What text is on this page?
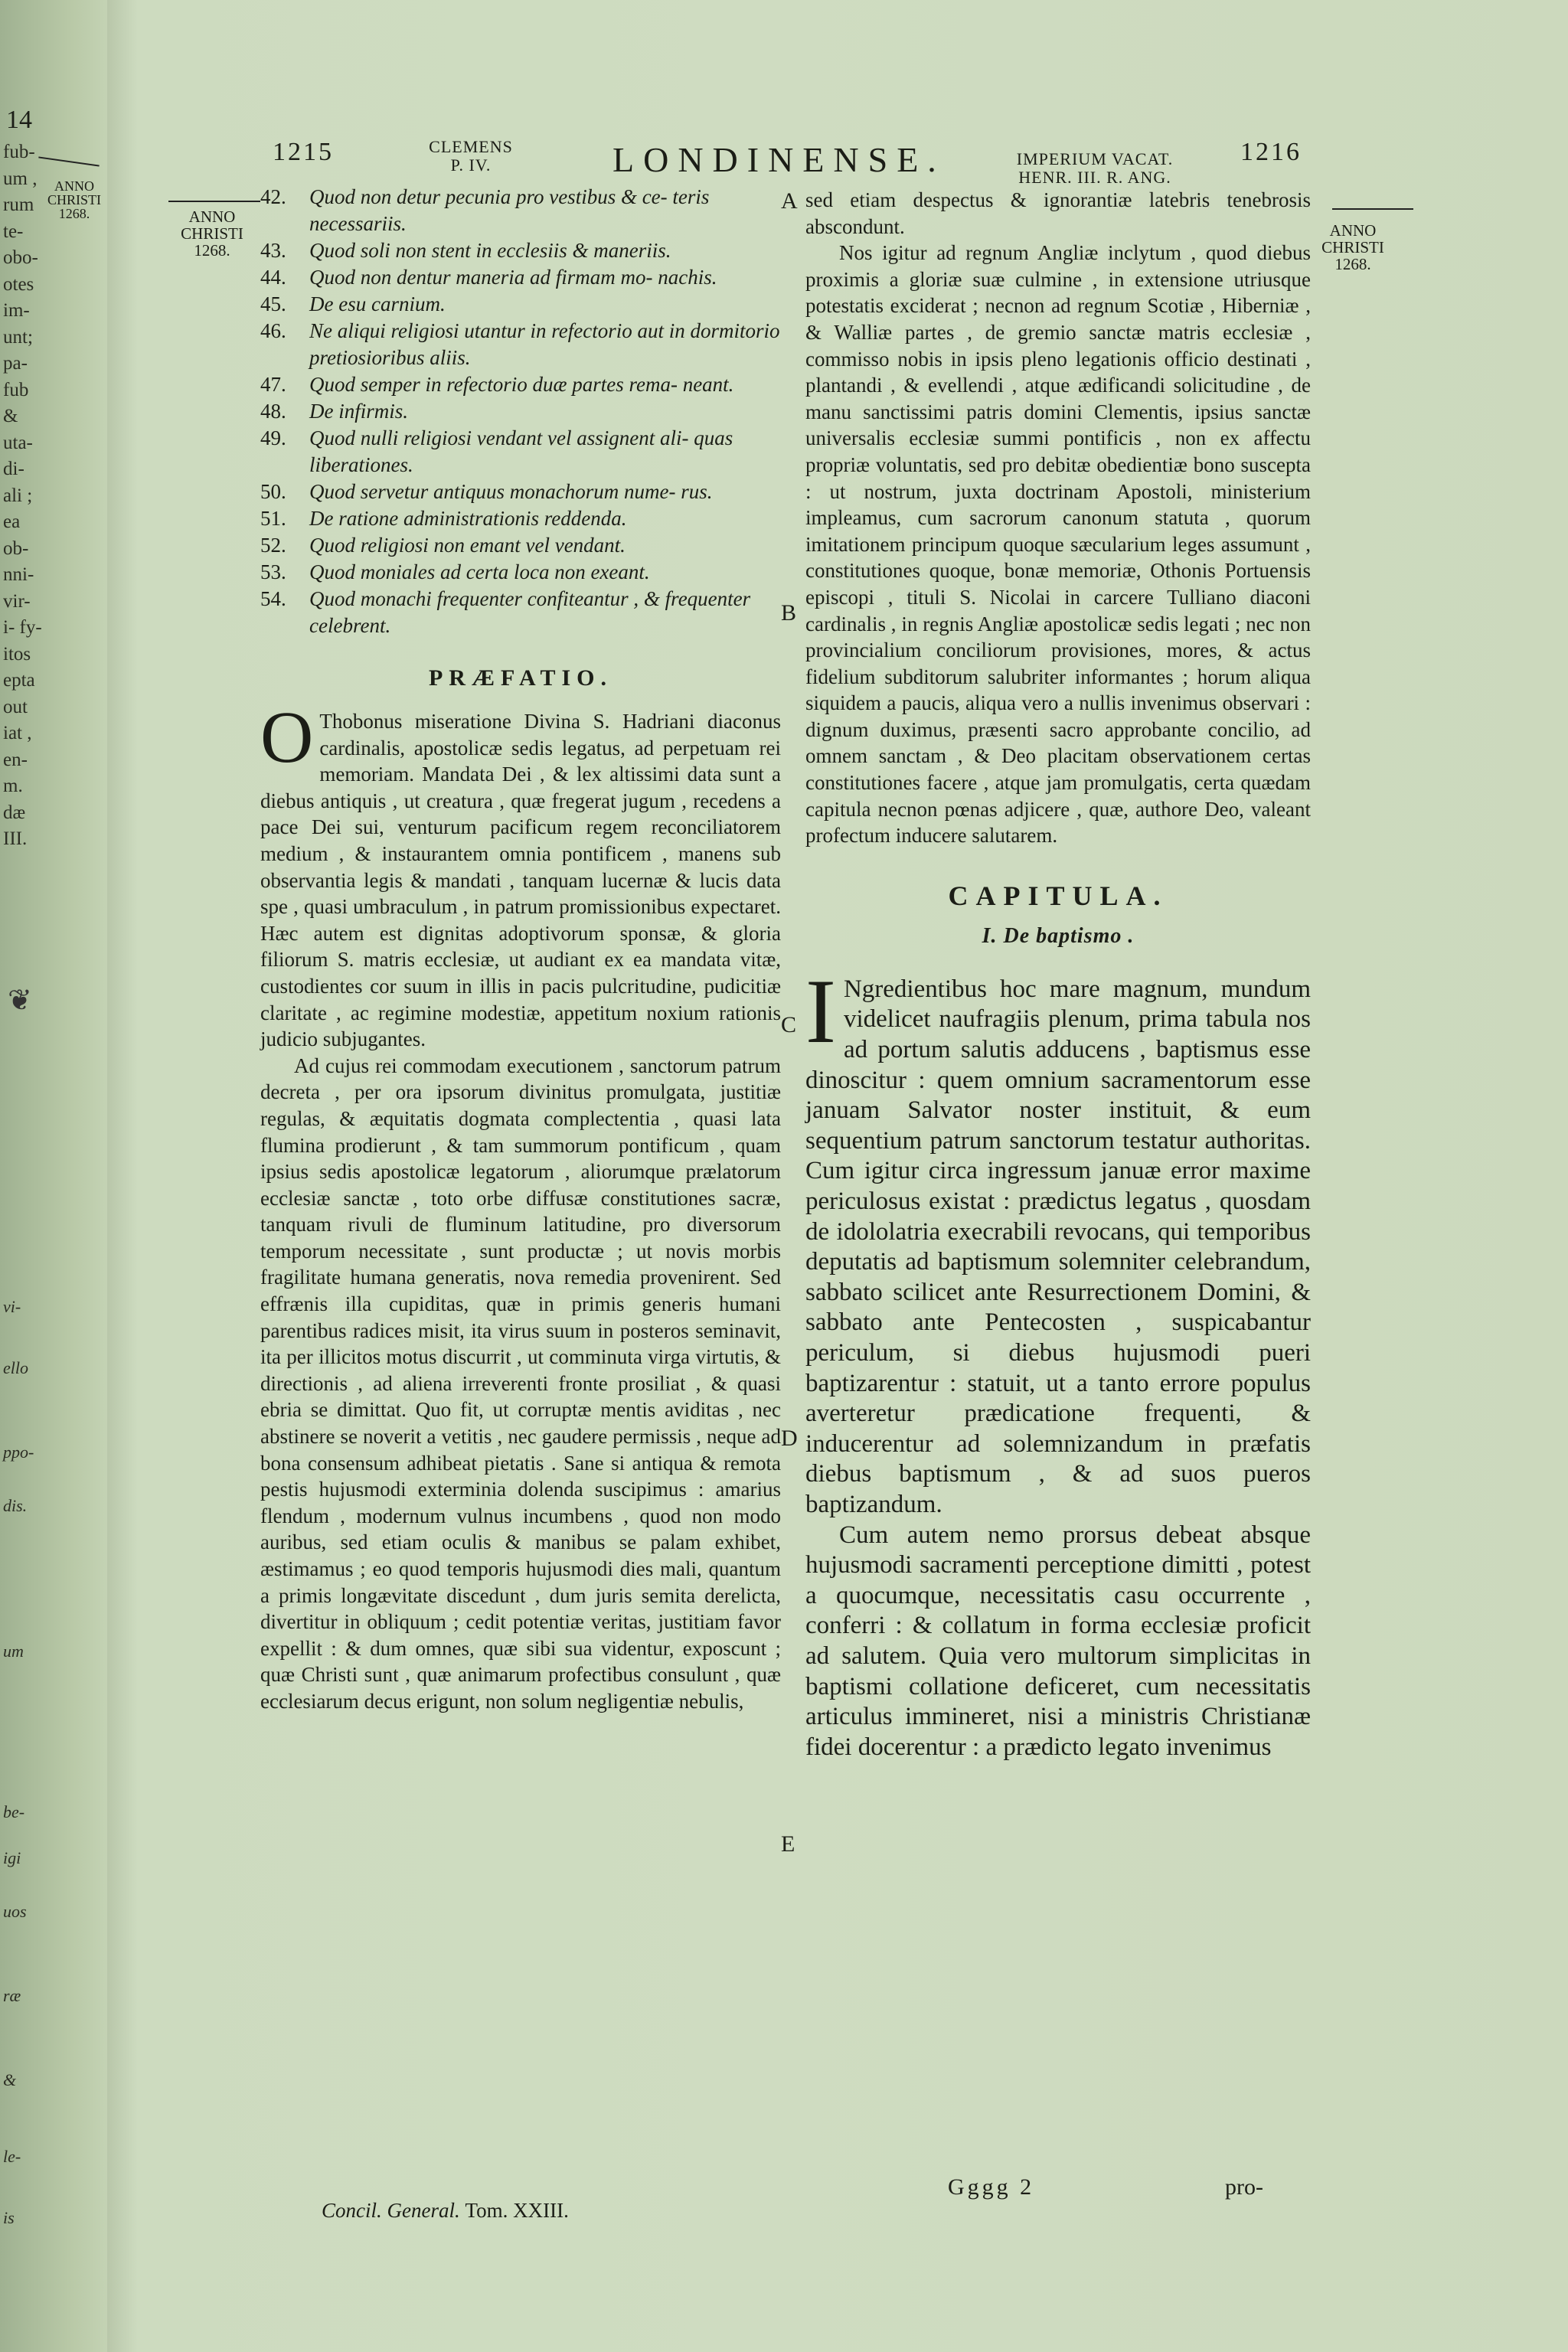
14
ANNO
CHRISTI
1268.
fub-
um ,
rum
te-
obo-
otes
im-
unt;
pa-
fub
&
uta-
di-
ali ;
ea
ob-
nni-
vir-
i- fy-
itos
epta
out
iat ,
en-
m.
dæ
III.
vi-
ello
ppo-
dis.
um
be-
igi
uos
ræ
&
le-
is
❦
1215	CLEMENS
P. IV.	LONDINENSE.	IMPERIUM VACAT.
HENR. III. R. ANG.
1216
ANNO
CHRISTI
1268.
ANNO
CHRISTI
1268.
A
B
C
D
E
42.	Quod non detur pecunia pro vestibus & ce- teris necessariis.
43.	Quod soli non stent in ecclesiis & maneriis.
44.	Quod non dentur maneria ad firmam mo- nachis.
45.	De esu carnium.
46.	Ne aliqui religiosi utantur in refectorio aut in dormitorio pretiosioribus aliis.
47.	Quod semper in refectorio duæ partes rema- neant.
48.	De infirmis.
49.	Quod nulli religiosi vendant vel assignent ali- quas liberationes.
50.	Quod servetur antiquus monachorum nume- rus.
51.	De ratione administrationis reddenda.
52.	Quod religiosi non emant vel vendant.
53.	Quod moniales ad certa loca non exeant.
54.	Quod monachi frequenter confiteantur , & frequenter celebrent.
PRÆFATIO.

O Thobonus miseratione Divina S. Hadriani diaconus cardinalis, apostolicæ sedis legatus, ad perpetuam rei memoriam. Mandata Dei , & lex altissimi data sunt a diebus antiquis , ut creatura , quæ fregerat jugum , recedens a pace Dei sui, venturum pacificum regem reconciliatorem medium , & instaurantem omnia pontificem , manens sub observantia legis & mandati , tanquam lucernæ & lucis data spe , quasi umbraculum , in patrum promissionibus expectaret. Hæc autem est dignitas adoptivorum sponsæ, & gloria filiorum S. matris ecclesiæ, ut audiant ex ea mandata vitæ, custodientes cor suum in illis in pacis pulcritudine, pudicitiæ claritate , ac regimine modestiæ, appetitum noxium rationis judicio subjugantes.

Ad cujus rei commodam executionem , sanctorum patrum decreta , per ora ipsorum divinitus promulgata, justitiæ regulas, & æquitatis dogmata complectentia , quasi lata flumina prodierunt , & tam summorum pontificum , quam ipsius sedis apostolicæ legatorum , aliorumque prælatorum ecclesiæ sanctæ , toto orbe diffusæ constitutiones sacræ, tanquam rivuli de fluminum latitudine, pro diversorum temporum necessitate , sunt productæ ; ut novis morbis fragilitate humana generatis, nova remedia provenirent. Sed effrænis illa cupiditas, quæ in primis generis humani parentibus radices misit, ita virus suum in posteros seminavit, ita per illicitos motus discurrit , ut comminuta virga virtutis, & directionis , ad aliena irreverenti fronte prosiliat , & quasi ebria se dimittat. Quo fit, ut corruptæ mentis aviditas , nec abstinere se noverit a vetitis , nec gaudere permissis , neque ad bona consensum adhibeat pietatis . Sane si antiqua & remota pestis hujusmodi exterminia dolenda suscipimus : amarius flendum , modernum vulnus incumbens , quod non modo auribus, sed etiam oculis & manibus se palam exhibet, æstimamus ; eo quod temporis hujusmodi dies mali, quantum a primis longævitate discedunt , dum juris semita derelicta, divertitur in obliquum ; cedit potentiæ veritas, justitiam favor expellit : & dum omnes, quæ sibi sua videntur, exposcunt ; quæ Christi sunt , quæ animarum profectibus consulunt , quæ ecclesiarum decus erigunt, non solum negligentiæ nebulis,

sed etiam despectus & ignorantiæ latebris tenebrosis abscondunt.

Nos igitur ad regnum Angliæ inclytum , quod diebus proximis a gloriæ suæ culmine , in extensione utriusque potestatis exciderat ; necnon ad regnum Scotiæ , Hiberniæ , & Walliæ partes , de gremio sanctæ matris ecclesiæ , commisso nobis in ipsis pleno legationis officio destinati , plantandi , & evellendi , atque ædificandi solicitudine , de manu sanctissimi patris domini Clementis, ipsius sanctæ universalis ecclesiæ summi pontificis , non ex affectu propriæ voluntatis, sed pro debitæ obedientiæ bono suscepta : ut nostrum, juxta doctrinam Apostoli, ministerium impleamus, cum sacrorum canonum statuta , quorum imitationem principum quoque sæcularium leges assumunt , constitutiones quoque, bonæ memoriæ, Othonis Portuensis episcopi , tituli S. Nicolai in carcere Tulliano diaconi cardinalis , in regnis Angliæ apostolicæ sedis legati ; nec non provincialium conciliorum provisiones, mores, & actus fidelium subditorum salubriter informantes ; horum aliqua siquidem a paucis, aliqua vero a nullis invenimus observari : dignum duximus, præsenti sacro approbante concilio, ad omnem sanctam , & Deo placitam observationem certas constitutiones facere , atque jam promulgatis, certa quædam capitula necnon pœnas adjicere , quæ, authore Deo, valeant profectum inducere salutarem.

CAPITULA.
I. De baptismo .

I Ngredientibus hoc mare magnum, mundum videlicet naufragiis plenum, prima tabula nos ad portum salutis adducens , baptismus esse dinoscitur : quem omnium sacramentorum esse januam Salvator noster instituit, & eum sequentium patrum sanctorum testatur authoritas. Cum igitur circa ingressum januæ error maxime periculosus existat : prædictus legatus , quosdam de idololatria execrabili revocans, qui temporibus deputatis ad baptismum solemniter celebrandum, sabbato scilicet ante Resurrectionem Domini, & sabbato ante Pentecosten , suspicabantur periculum, si diebus hujusmodi pueri baptizarentur : statuit, ut a tanto errore populus averteretur prædicatione frequenti, & inducerentur ad solemnizandum in præfatis diebus baptismum , & ad suos pueros baptizandum.

Cum autem nemo prorsus debeat absque hujusmodi sacramenti perceptione dimitti , potest a quocumque, necessitatis casu occurrente , conferri : & collatum in forma ecclesiæ proficit ad salutem. Quia vero multorum simplicitas in baptismi collatione deficeret, cum necessitatis articulus immineret, nisi a ministris Christianæ fidei docerentur : a prædicto legato invenimus

Concil. General. Tom. XXIII.
Gggg 2	pro-
